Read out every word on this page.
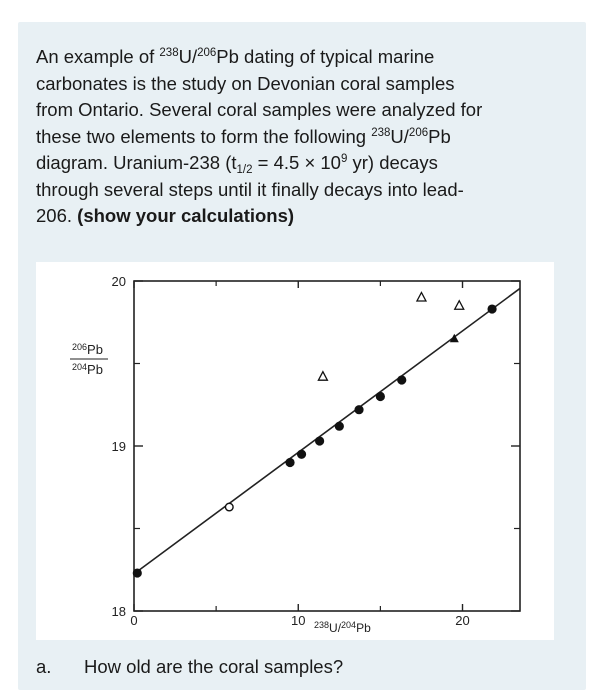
An example of $^{238}$U/$^{206}$Pb dating of typical marine

carbonates is the study on Devonian coral samples

from Ontario. Several coral samples were analyzed for

these two elements to form the following $^{238}$U/$^{206}$Pb

diagram. Uranium-238 ($t_{1/2} = 4.5 \times 10^9$ yr) decays

through several steps until it finally decays into lead-

206. (show your calculations)

0	10	20
18
19
20
$^{206}$Pb
$^{204}$Pb
$^{238}$U/$^{204}$Pb
a. How old are the coral samples?
